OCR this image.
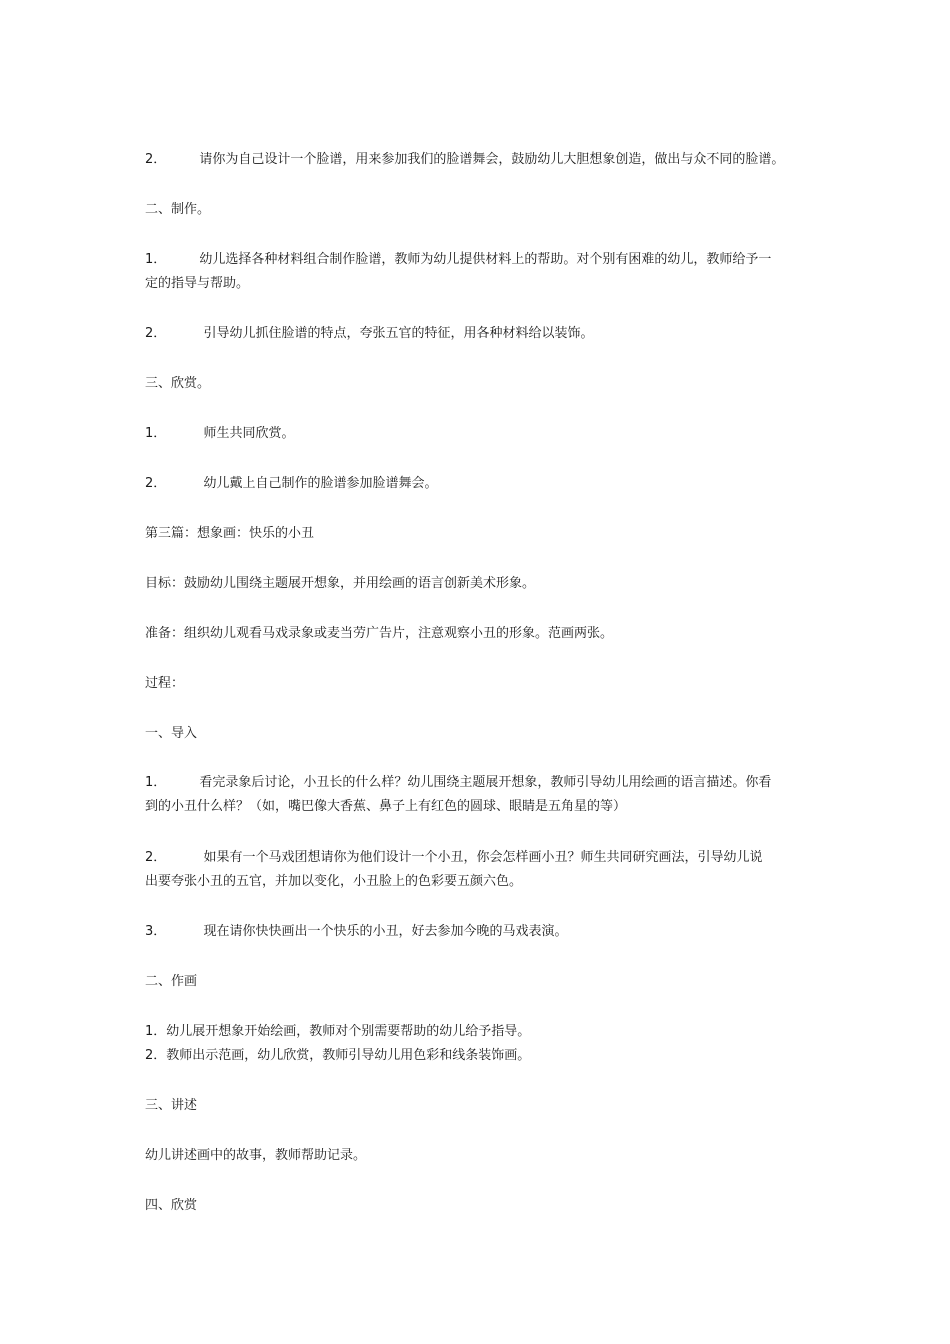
2．	请你为自己设计一个脸谱，用来参加我们的脸谱舞会，鼓励幼儿大胆想象创造，做出与众不同的脸谱。

二、制作。

1．	幼儿选择各种材料组合制作脸谱，教师为幼儿提供材料上的帮助。对个别有困难的幼儿，教师给予一
定的指导与帮助。

2．	引导幼儿抓住脸谱的特点，夸张五官的特征，用各种材料给以装饰。

三、欣赏。

1．	师生共同欣赏。

2．	幼儿戴上自己制作的脸谱参加脸谱舞会。

第三篇：想象画：快乐的小丑

目标：鼓励幼儿围绕主题展开想象，并用绘画的语言创新美术形象。

准备：组织幼儿观看马戏录象或麦当劳广告片，注意观察小丑的形象。范画两张。

过程：

一、导入

1．	看完录象后讨论，小丑长的什么样？幼儿围绕主题展开想象，教师引导幼儿用绘画的语言描述。你看
到的小丑什么样？（如，嘴巴像大香蕉、鼻子上有红色的圆球、眼睛是五角星的等）

2．	如果有一个马戏团想请你为他们设计一个小丑，你会怎样画小丑？师生共同研究画法，引导幼儿说
出要夸张小丑的五官，并加以变化，小丑脸上的色彩要五颜六色。

3．	现在请你快快画出一个快乐的小丑，好去参加今晚的马戏表演。

二、作画

1．幼儿展开想象开始绘画，教师对个别需要帮助的幼儿给予指导。
2．教师出示范画，幼儿欣赏，教师引导幼儿用色彩和线条装饰画。

三、讲述

幼儿讲述画中的故事，教师帮助记录。

四、欣赏
